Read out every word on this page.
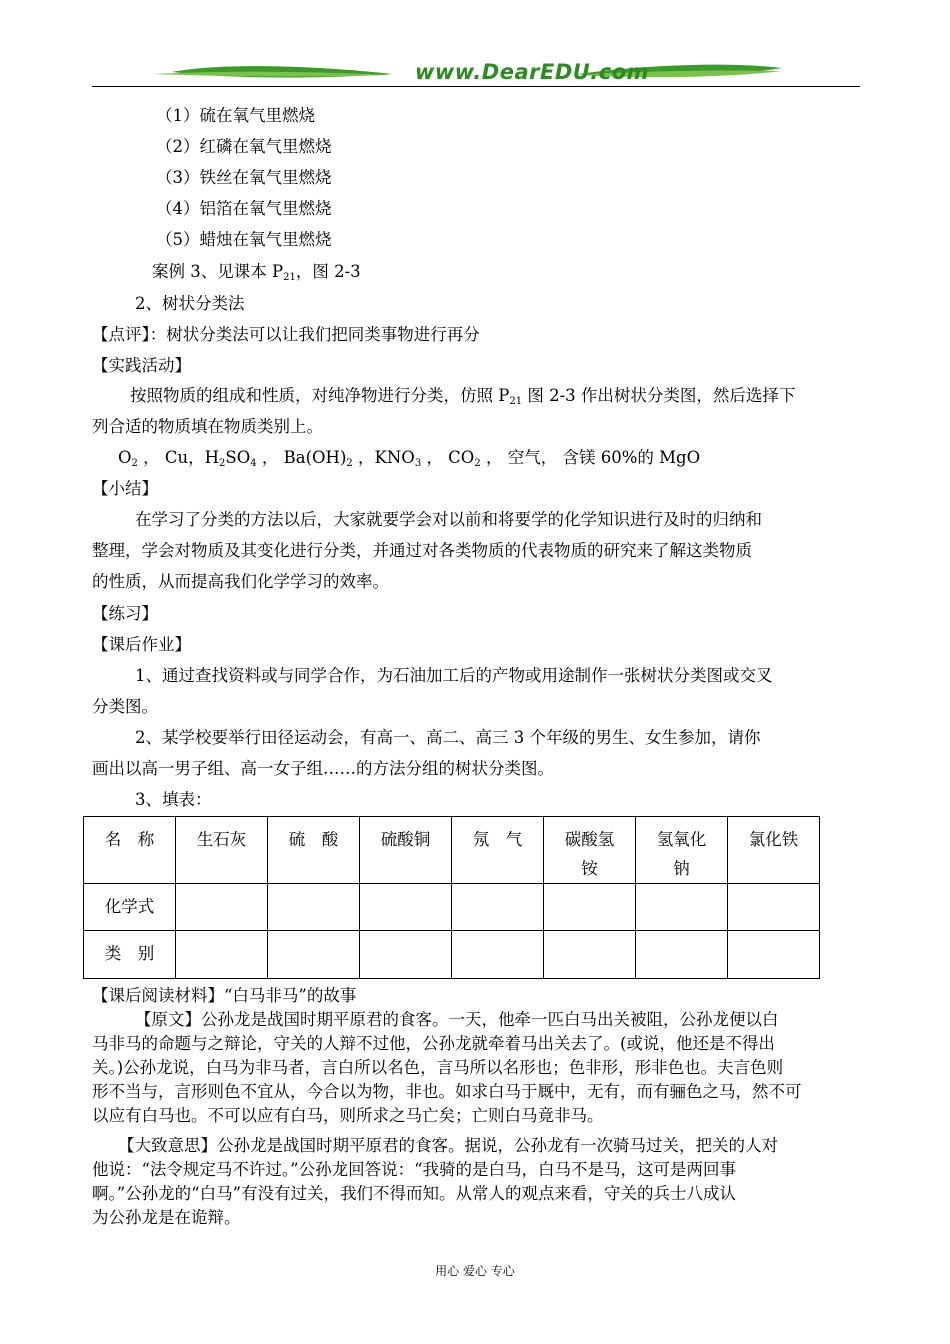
www.DearEDU.com
（1）硫在氧气里燃烧
（2）红磷在氧气里燃烧
（3）铁丝在氧气里燃烧
（4）铝箔在氧气里燃烧
（5）蜡烛在氧气里燃烧
案例 3、见课本 $P_{21}$，图 2-3
2、树状分类法
【点评】：树状分类法可以让我们把同类事物进行再分
【实践活动】
按照物质的组成和性质，对纯净物进行分类，仿照 $P_{21}$ 图 2-3 作出树状分类图，然后选择下
列合适的物质填在物质类别上。
$O_2$ ， Cu，$H_2SO_4$ ， $Ba(OH)_2$ ，$KNO_3$ ， $CO_2$ ， 空气， 含镁 60%的 MgO
【小结】
在学习了分类的方法以后，大家就要学会对以前和将要学的化学知识进行及时的归纳和
整理，学会对物质及其变化进行分类，并通过对各类物质的代表物质的研究来了解这类物质
的性质，从而提高我们化学学习的效率。
【练习】
【课后作业】
1、通过查找资料或与同学合作，为石油加工后的产物或用途制作一张树状分类图或交叉
分类图。
2、某学校要举行田径运动会，有高一、高二、高三 3 个年级的男生、女生参加，请你
画出以高一男子组、高一女子组……的方法分组的树状分类图。
3、填表：
名　称	生石灰	硫　酸	硫酸铜	氖　气	碳酸氢铵	氢氧化钠	氯化铁
化学式							
类　别							
【课后阅读材料】“白马非马”的故事
【原文】公孙龙是战国时期平原君的食客。一天，他牵一匹白马出关被阻，公孙龙便以白
马非马的命题与之辩论，守关的人辩不过他，公孙龙就牵着马出关去了。(或说，他还是不得出
关。)公孙龙说，白马为非马者，言白所以名色，言马所以名形也；色非形，形非色也。夫言色则
形不当与，言形则色不宜从，今合以为物，非也。如求白马于厩中，无有，而有骊色之马，然不可
以应有白马也。不可以应有白马，则所求之马亡矣；亡则白马竟非马。
【大致意思】公孙龙是战国时期平原君的食客。据说，公孙龙有一次骑马过关，把关的人对
他说：“法令规定马不许过。”公孙龙回答说：“我骑的是白马，白马不是马，这可是两回事
啊。”公孙龙的“白马”有没有过关，我们不得而知。从常人的观点来看，守关的兵士八成认
为公孙龙是在诡辩。
用心 爱心 专心
